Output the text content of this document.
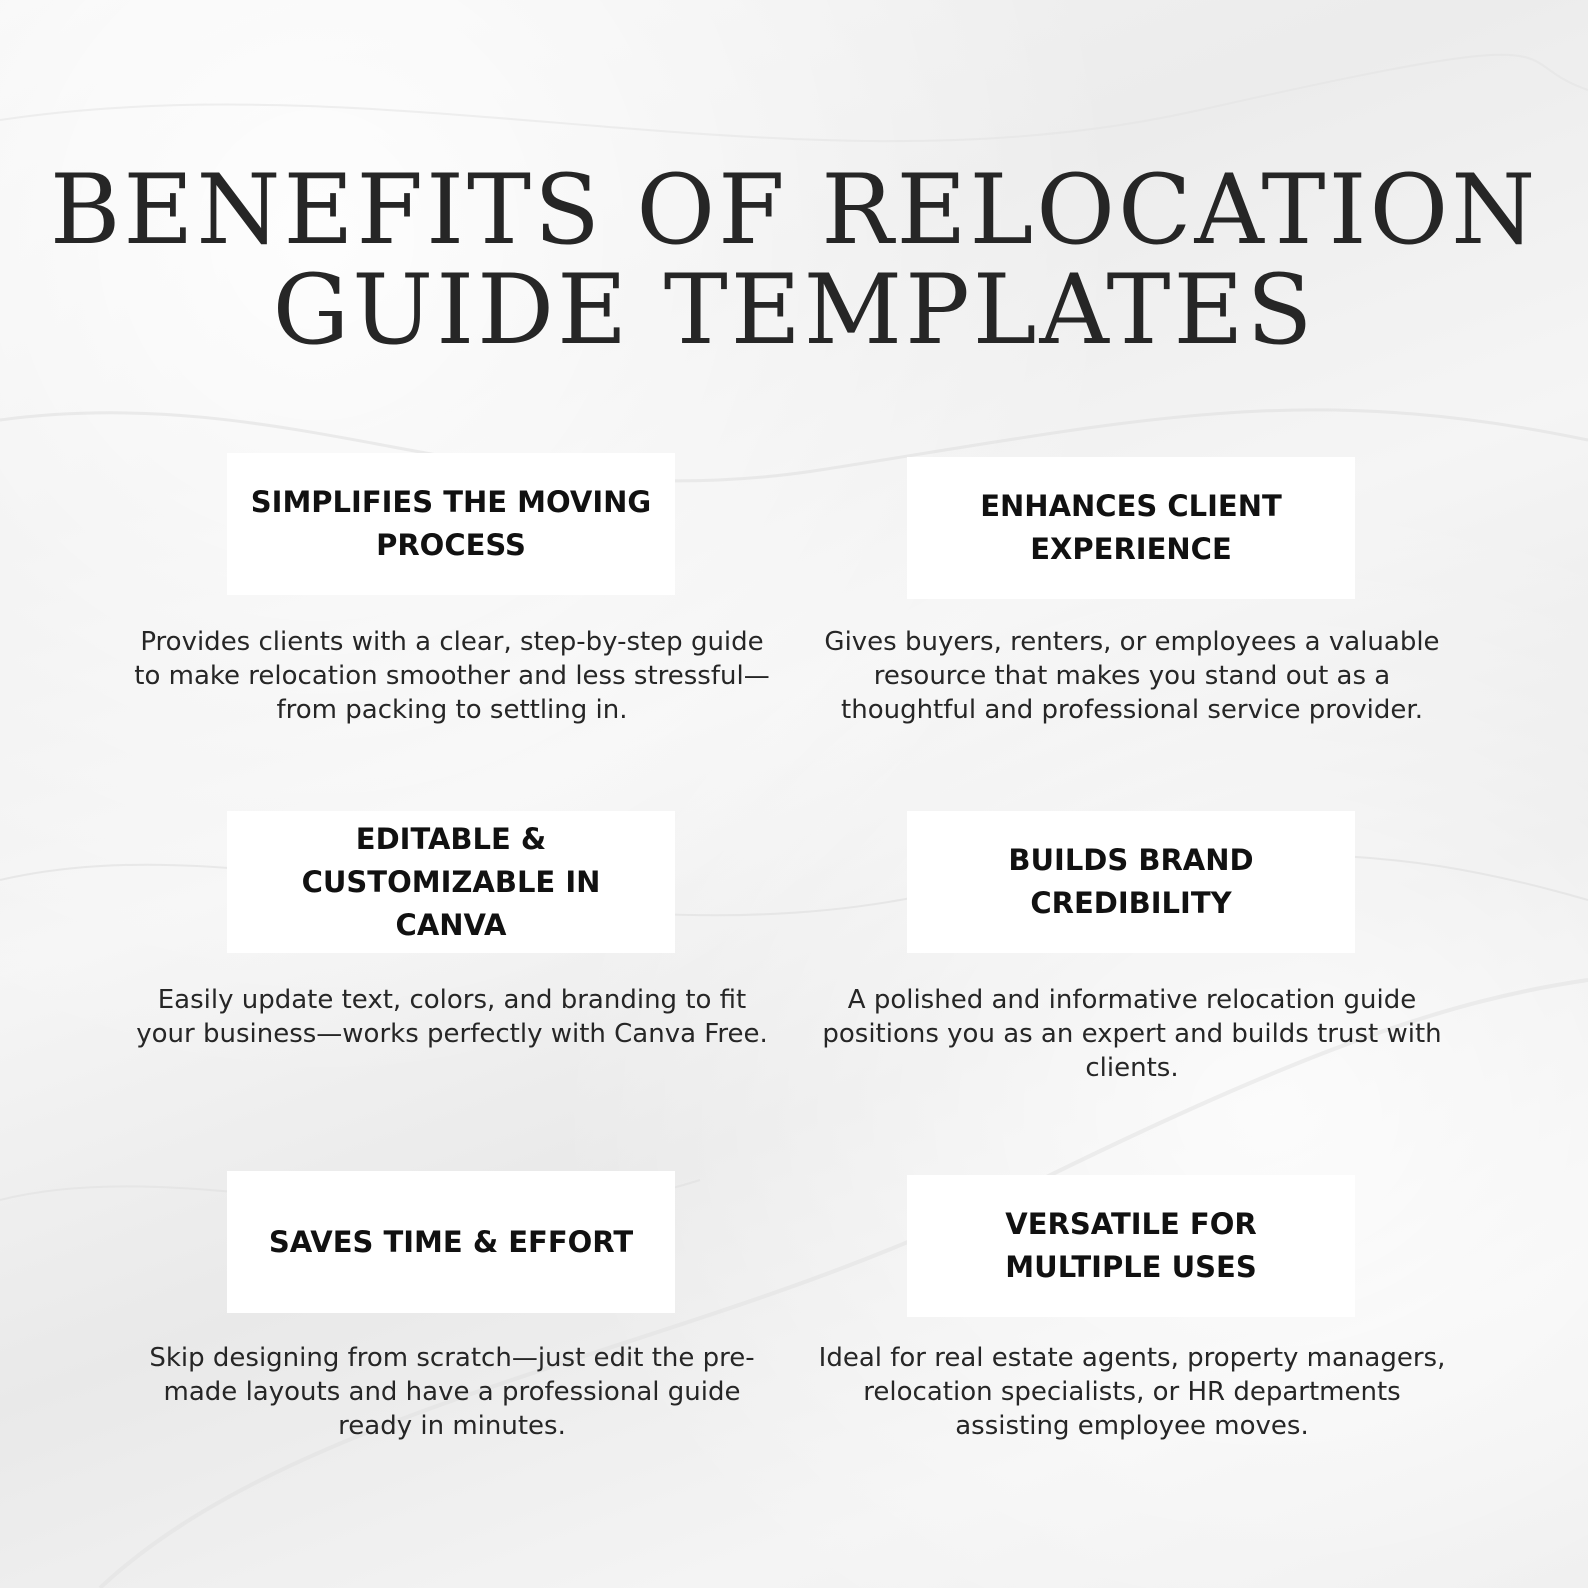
BENEFITS OF RELOCATION
GUIDE TEMPLATES
SIMPLIFIES THE MOVING PROCESS
Provides clients with a clear, step-by-step guide to make relocation smoother and less stressful—from packing to settling in.
ENHANCES CLIENT EXPERIENCE
Gives buyers, renters, or employees a valuable resource that makes you stand out as a thoughtful and professional service provider.
EDITABLE & CUSTOMIZABLE IN CANVA
Easily update text, colors, and branding to fit your business—works perfectly with Canva Free.
BUILDS BRAND CREDIBILITY
A polished and informative relocation guide positions you as an expert and builds trust with clients.
SAVES TIME & EFFORT
Skip designing from scratch—just edit the pre-made layouts and have a professional guide ready in minutes.
VERSATILE FOR MULTIPLE USES
Ideal for real estate agents, property managers, relocation specialists, or HR departments assisting employee moves.
